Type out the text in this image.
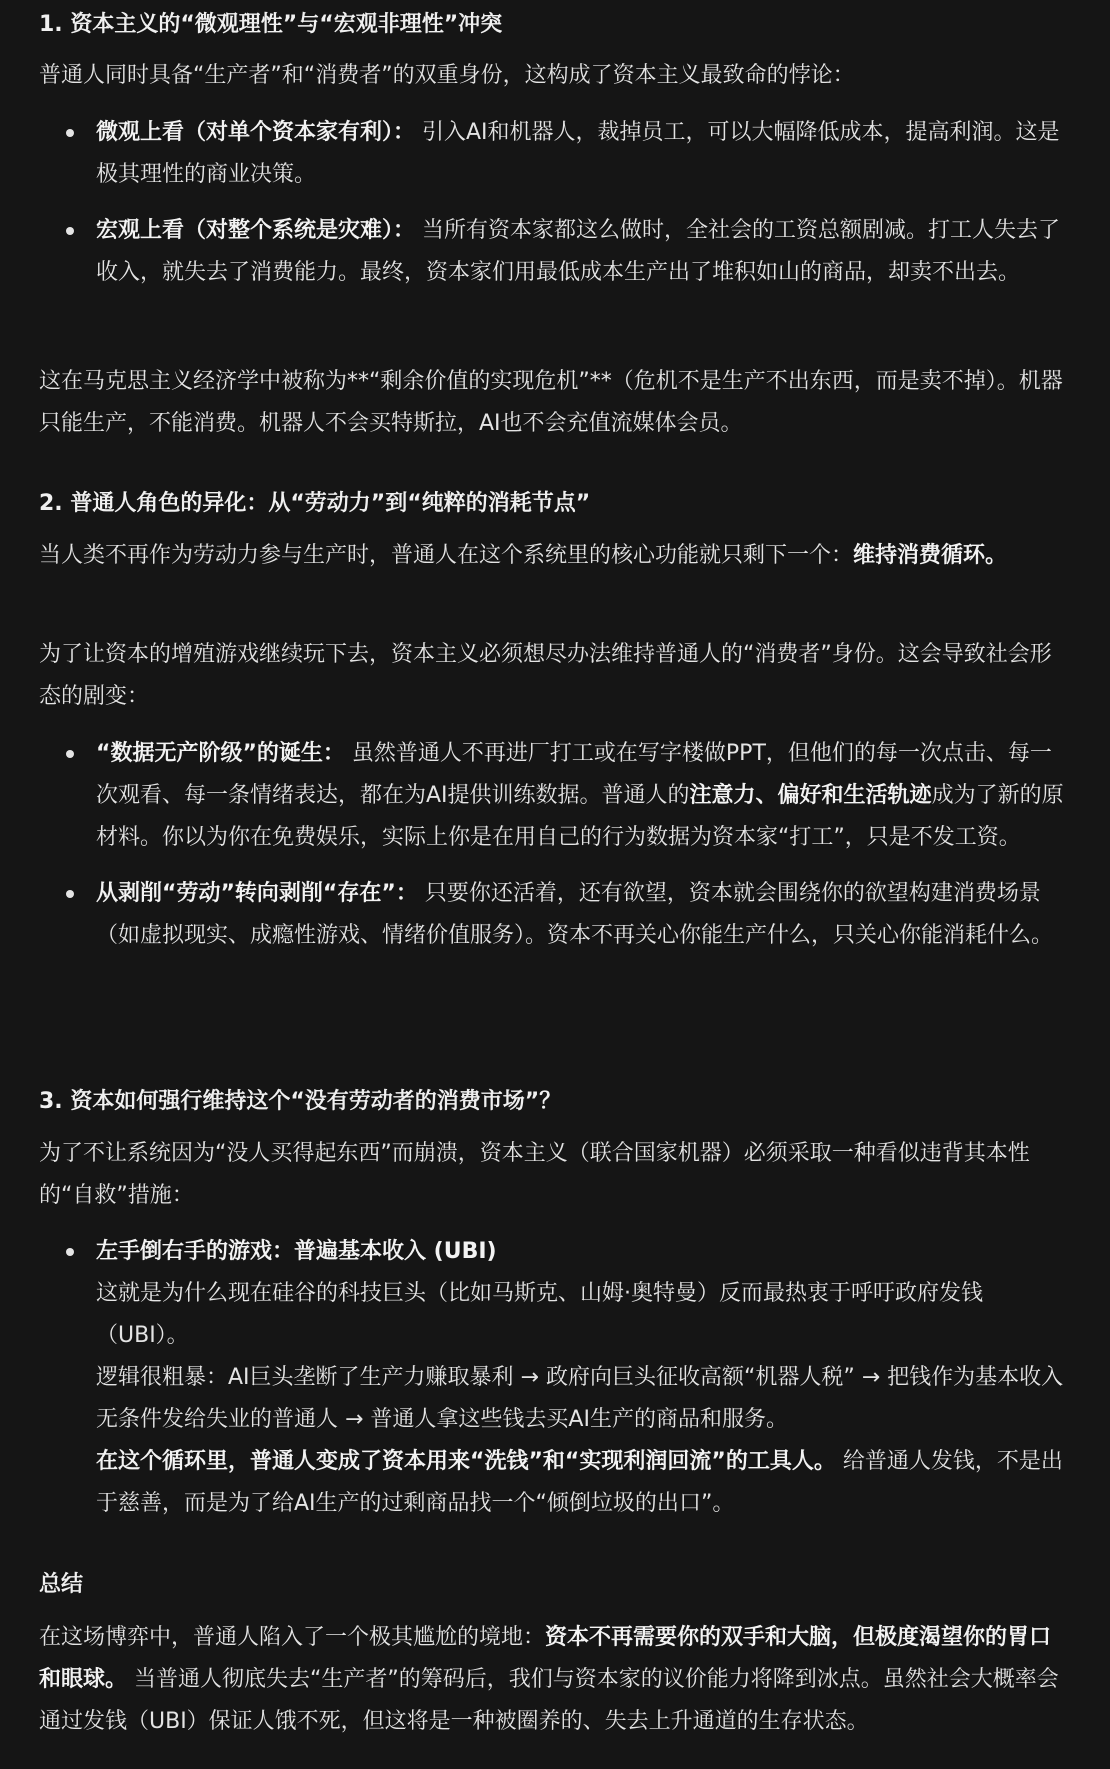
1. 资本主义的“微观理性”与“宏观非理性”冲突

普通人同时具备“生产者”和“消费者”的双重身份，这构成了资本主义最致命的悖论：

微观上看（对单个资本家有利）： 引入AI和机器人，裁掉员工，可以大幅降低成本，提高利润。这是极其理性的商业决策。
宏观上看（对整个系统是灾难）： 当所有资本家都这么做时，全社会的工资总额剧减。打工人失去了收入，就失去了消费能力。最终，资本家们用最低成本生产出了堆积如山的商品，却卖不出去。

这在马克思主义经济学中被称为**“剩余价值的实现危机”**（危机不是生产不出东西，而是卖不掉）。机器只能生产，不能消费。机器人不会买特斯拉，AI也不会充值流媒体会员。

2. 普通人角色的异化：从“劳动力”到“纯粹的消耗节点”

当人类不再作为劳动力参与生产时，普通人在这个系统里的核心功能就只剩下一个：维持消费循环。

为了让资本的增殖游戏继续玩下去，资本主义必须想尽办法维持普通人的“消费者”身份。这会导致社会形态的剧变：

“数据无产阶级”的诞生： 虽然普通人不再进厂打工或在写字楼做PPT，但他们的每一次点击、每一次观看、每一条情绪表达，都在为AI提供训练数据。普通人的注意力、偏好和生活轨迹成为了新的原材料。你以为你在免费娱乐，实际上你是在用自己的行为数据为资本家“打工”，只是不发工资。
从剥削“劳动”转向剥削“存在”： 只要你还活着，还有欲望，资本就会围绕你的欲望构建消费场景（如虚拟现实、成瘾性游戏、情绪价值服务）。资本不再关心你能生产什么，只关心你能消耗什么。
3. 资本如何强行维持这个“没有劳动者的消费市场”？

为了不让系统因为“没人买得起东西”而崩溃，资本主义（联合国家机器）必须采取一种看似违背其本性的“自救”措施：

左手倒右手的游戏：普遍基本收入 (UBI)
这就是为什么现在硅谷的科技巨头（比如马斯克、山姆·奥特曼）反而最热衷于呼吁政府发钱（UBI）。
逻辑很粗暴：AI巨头垄断了生产力赚取暴利 → 政府向巨头征收高额“机器人税” → 把钱作为基本收入无条件发给失业的普通人 → 普通人拿这些钱去买AI生产的商品和服务。
在这个循环里，普通人变成了资本用来“洗钱”和“实现利润回流”的工具人。 给普通人发钱，不是出于慈善，而是为了给AI生产的过剩商品找一个“倾倒垃圾的出口”。
总结

在这场博弈中，普通人陷入了一个极其尴尬的境地：资本不再需要你的双手和大脑，但极度渴望你的胃口和眼球。 当普通人彻底失去“生产者”的筹码后，我们与资本家的议价能力将降到冰点。虽然社会大概率会通过发钱（UBI）保证人饿不死，但这将是一种被圈养的、失去上升通道的生存状态。
